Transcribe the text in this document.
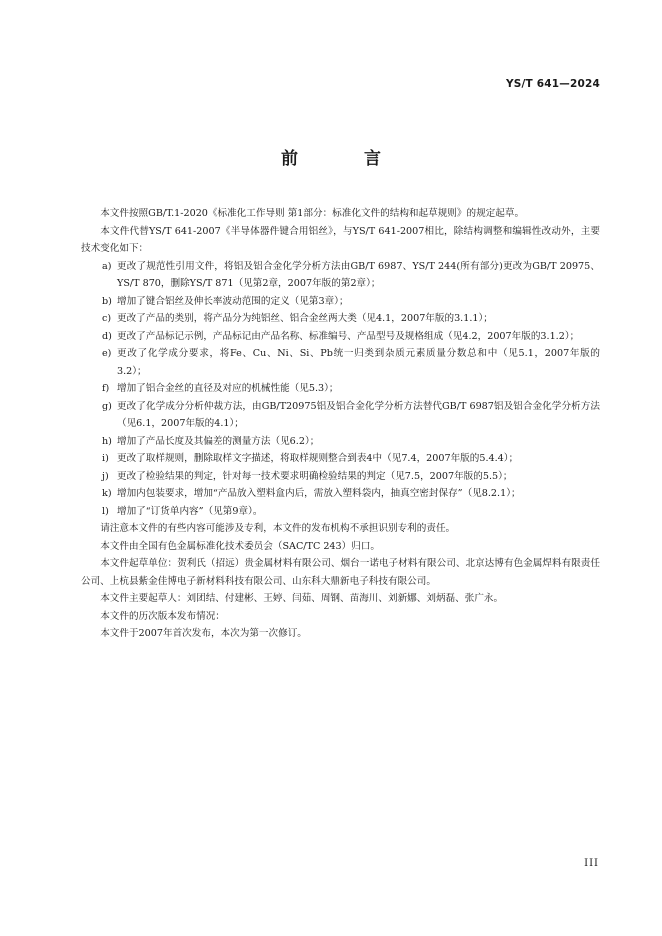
YS/T 641—2024
前 言

本文件按照GB/T.1-2020《标准化工作导则 第1部分：标准化文件的结构和起草规则》的规定起草。

本文件代替YS/T 641-2007《半导体器件键合用铝丝》，与YS/T 641-2007相比，除结构调整和编辑性改动外，主要技术变化如下：

a) 更改了规范性引用文件，将铝及铝合金化学分析方法由GB/T 6987、YS/T 244(所有部分)更改为GB/T 20975、YS/T 870，删除YS/T 871（见第2章，2007年版的第2章）；
b) 增加了键合铝丝及伸长率波动范围的定义（见第3章）；
c) 更改了产品的类别，将产品分为纯铝丝、铝合金丝两大类（见4.1，2007年版的3.1.1）；
d) 更改了产品标记示例，产品标记由产品名称、标准编号、产品型号及规格组成（见4.2，2007年版的3.1.2）；
e) 更改了化学成分要求，将Fe、Cu、Ni、Si、Pb统一归类到杂质元素质量分数总和中（见5.1，2007年版的3.2）；
f) 增加了铝合金丝的直径及对应的机械性能（见5.3）；
g) 更改了化学成分分析仲裁方法，由GB/T20975铝及铝合金化学分析方法替代GB/T 6987铝及铝合金化学分析方法（见6.1，2007年版的4.1）；
h) 增加了产品长度及其偏差的测量方法（见6.2）；
i) 更改了取样规则，删除取样文字描述，将取样规则整合到表4中（见7.4，2007年版的5.4.4）；
j) 更改了检验结果的判定，针对每一技术要求明确检验结果的判定（见7.5，2007年版的5.5）；
k) 增加内包装要求，增加“产品放入塑料盒内后，需放入塑料袋内，抽真空密封保存”（见8.2.1）；
l) 增加了“订货单内容”（见第9章）。

请注意本文件的有些内容可能涉及专利，本文件的发布机构不承担识别专利的责任。

本文件由全国有色金属标准化技术委员会（SAC/TC 243）归口。

本文件起草单位：贺利氏（招远）贵金属材料有限公司、烟台一诺电子材料有限公司、北京达博有色金属焊料有限责任公司、上杭县紫金佳博电子新材料科技有限公司、山东科大鼎新电子科技有限公司。

本文件主要起草人：刘团结、付建彬、王婷、闫茹、周钢、苗海川、刘新娜、刘炳磊、张广永。

本文件的历次版本发布情况：

本文件于2007年首次发布，本次为第一次修订。

III
